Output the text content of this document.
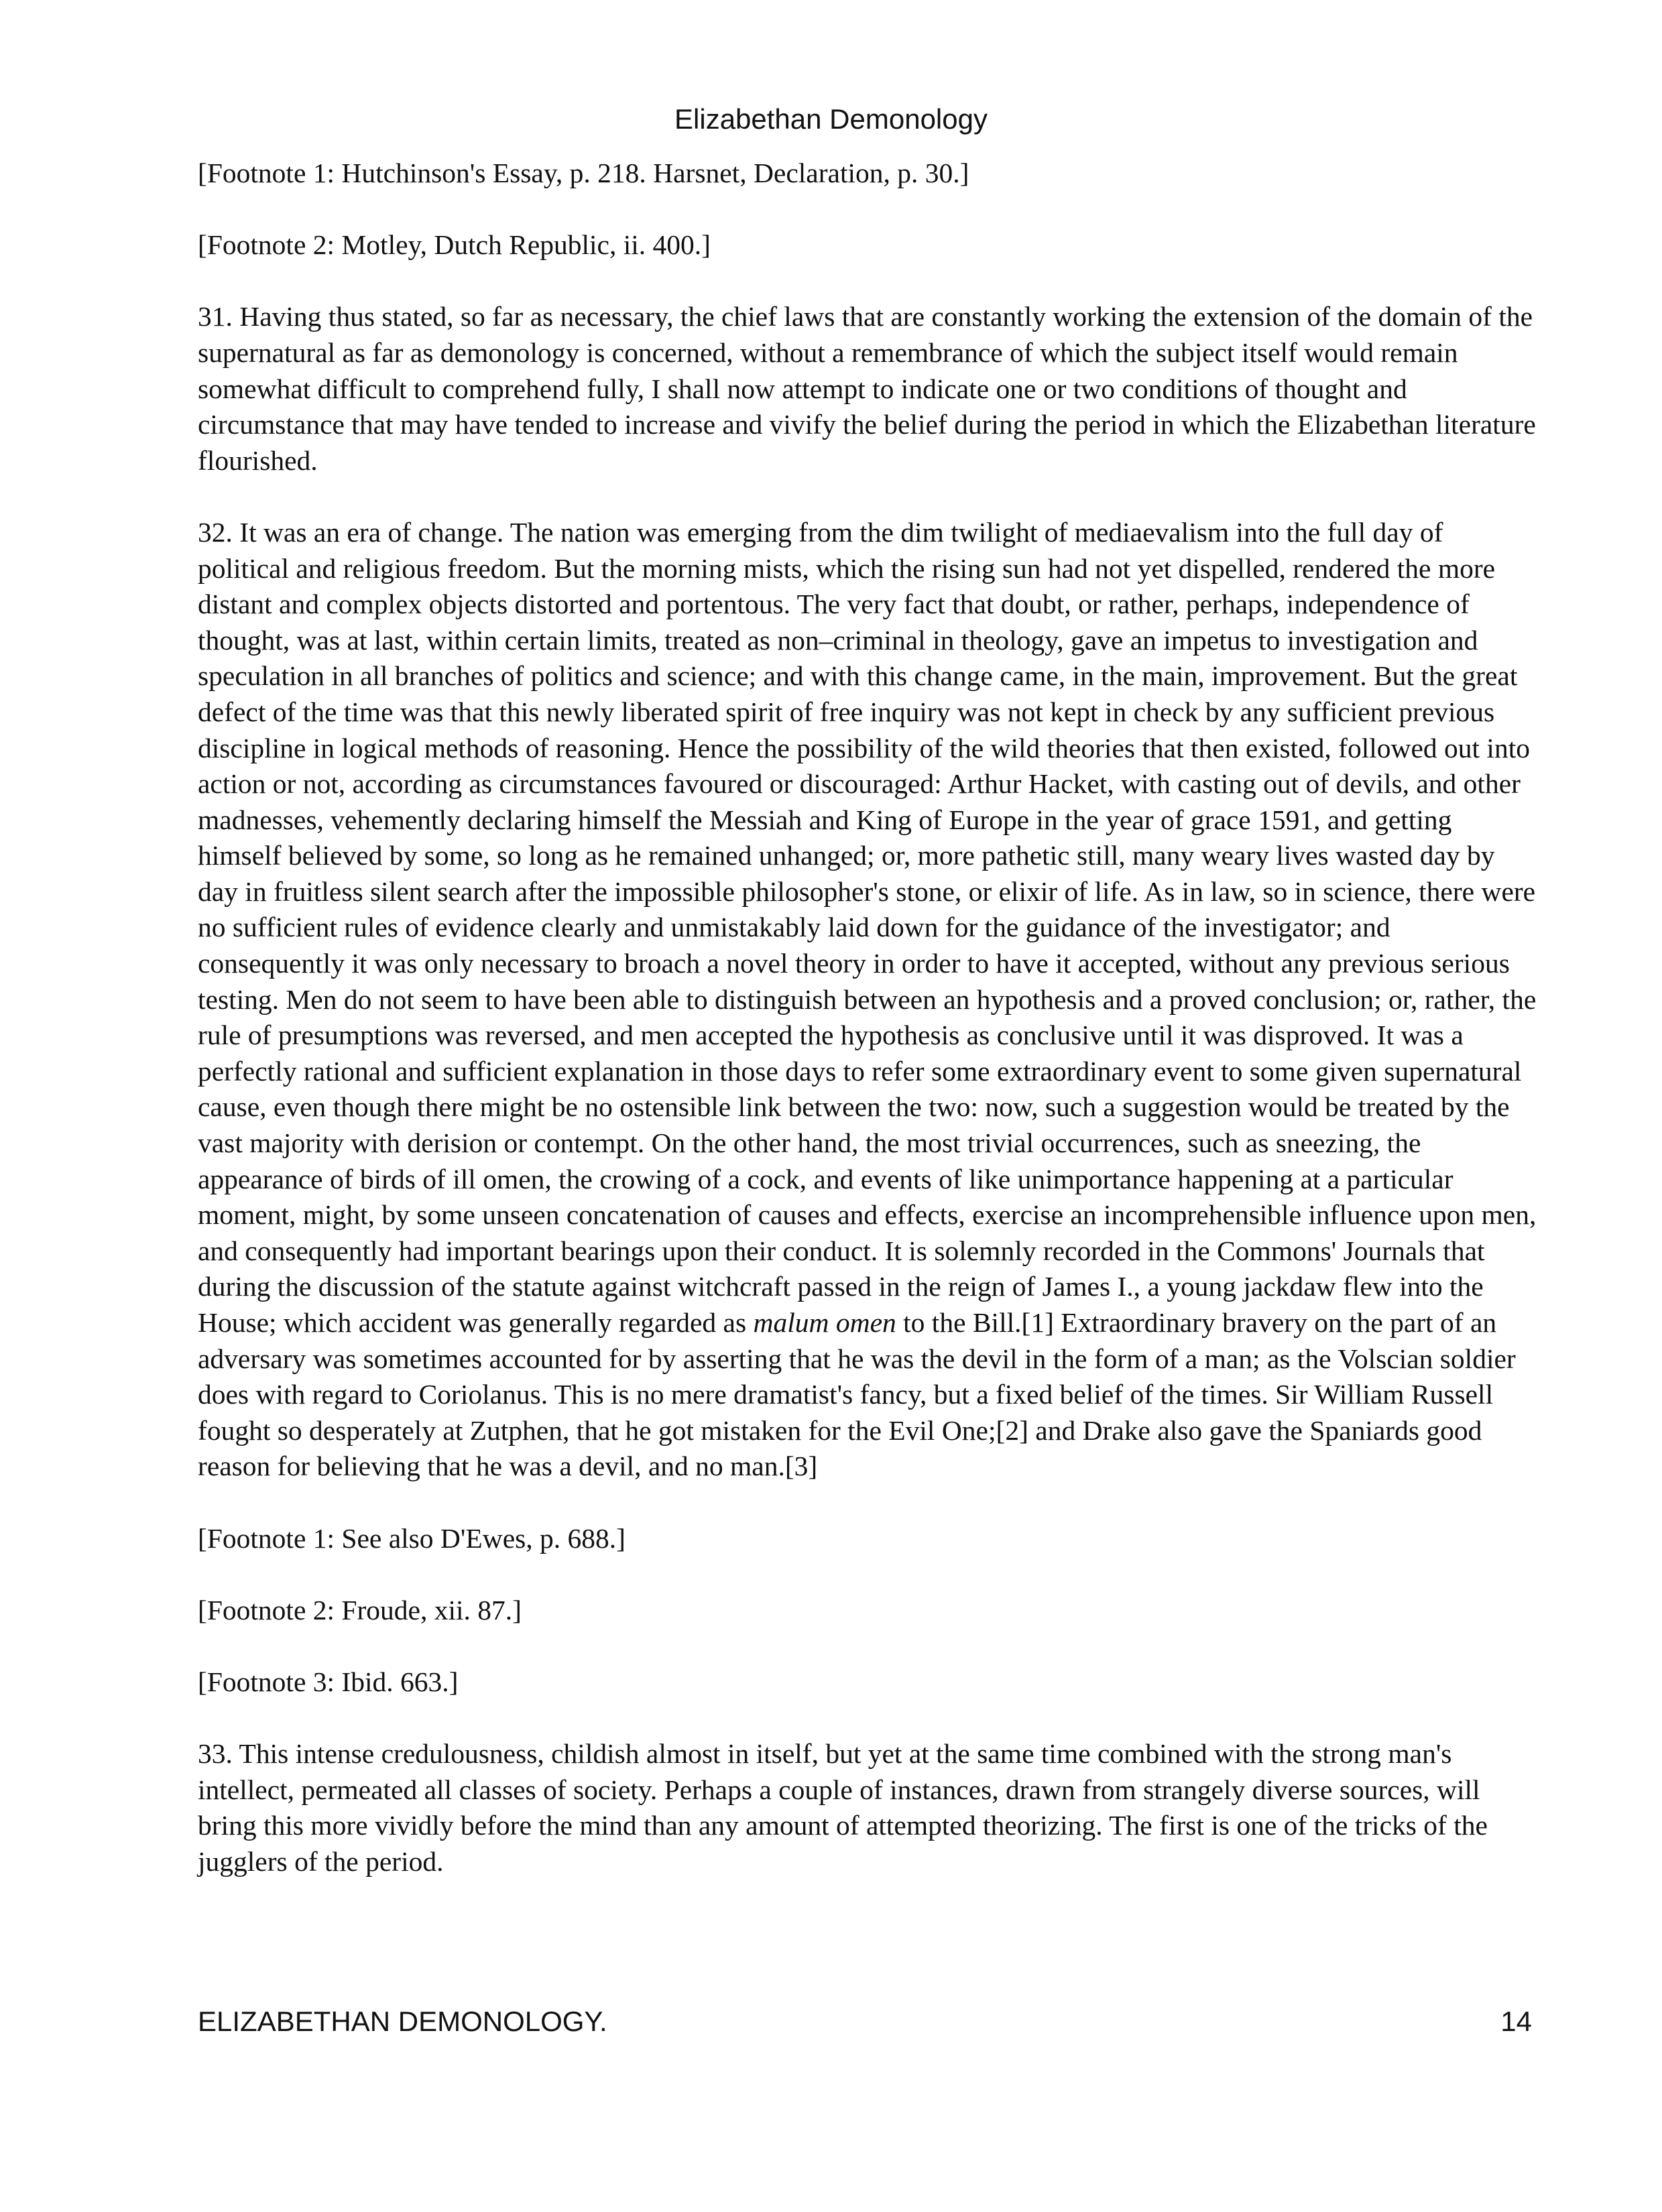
Elizabethan Demonology

[Footnote 1: Hutchinson's Essay, p. 218. Harsnet, Declaration, p. 30.]

[Footnote 2: Motley, Dutch Republic, ii. 400.]

31. Having thus stated, so far as necessary, the chief laws that are constantly working the extension of the domain of the supernatural as far as demonology is concerned, without a remembrance of which the subject itself would remain somewhat difficult to comprehend fully, I shall now attempt to indicate one or two conditions of thought and circumstance that may have tended to increase and vivify the belief during the period in which the Elizabethan literature flourished.

32. It was an era of change. The nation was emerging from the dim twilight of mediaevalism into the full day of political and religious freedom. But the morning mists, which the rising sun had not yet dispelled, rendered the more distant and complex objects distorted and portentous. The very fact that doubt, or rather, perhaps, independence of thought, was at last, within certain limits, treated as non–criminal in theology, gave an impetus to investigation and speculation in all branches of politics and science; and with this change came, in the main, improvement. But the great defect of the time was that this newly liberated spirit of free inquiry was not kept in check by any sufficient previous discipline in logical methods of reasoning. Hence the possibility of the wild theories that then existed, followed out into action or not, according as circumstances favoured or discouraged: Arthur Hacket, with casting out of devils, and other madnesses, vehemently declaring himself the Messiah and King of Europe in the year of grace 1591, and getting himself believed by some, so long as he remained unhanged; or, more pathetic still, many weary lives wasted day by day in fruitless silent search after the impossible philosopher's stone, or elixir of life. As in law, so in science, there were no sufficient rules of evidence clearly and unmistakably laid down for the guidance of the investigator; and consequently it was only necessary to broach a novel theory in order to have it accepted, without any previous serious testing. Men do not seem to have been able to distinguish between an hypothesis and a proved conclusion; or, rather, the rule of presumptions was reversed, and men accepted the hypothesis as conclusive until it was disproved. It was a perfectly rational and sufficient explanation in those days to refer some extraordinary event to some given supernatural cause, even though there might be no ostensible link between the two: now, such a suggestion would be treated by the vast majority with derision or contempt. On the other hand, the most trivial occurrences, such as sneezing, the appearance of birds of ill omen, the crowing of a cock, and events of like unimportance happening at a particular moment, might, by some unseen concatenation of causes and effects, exercise an incomprehensible influence upon men, and consequently had important bearings upon their conduct. It is solemnly recorded in the Commons' Journals that during the discussion of the statute against witchcraft passed in the reign of James I., a young jackdaw flew into the House; which accident was generally regarded as malum omen to the Bill.[1] Extraordinary bravery on the part of an adversary was sometimes accounted for by asserting that he was the devil in the form of a man; as the Volscian soldier does with regard to Coriolanus. This is no mere dramatist's fancy, but a fixed belief of the times. Sir William Russell fought so desperately at Zutphen, that he got mistaken for the Evil One;[2] and Drake also gave the Spaniards good reason for believing that he was a devil, and no man.[3]

[Footnote 1: See also D'Ewes, p. 688.]

[Footnote 2: Froude, xii. 87.]

[Footnote 3: Ibid. 663.]

33. This intense credulousness, childish almost in itself, but yet at the same time combined with the strong man's intellect, permeated all classes of society. Perhaps a couple of instances, drawn from strangely diverse sources, will bring this more vividly before the mind than any amount of attempted theorizing. The first is one of the tricks of the jugglers of the period.

ELIZABETHAN DEMONOLOGY.	14
